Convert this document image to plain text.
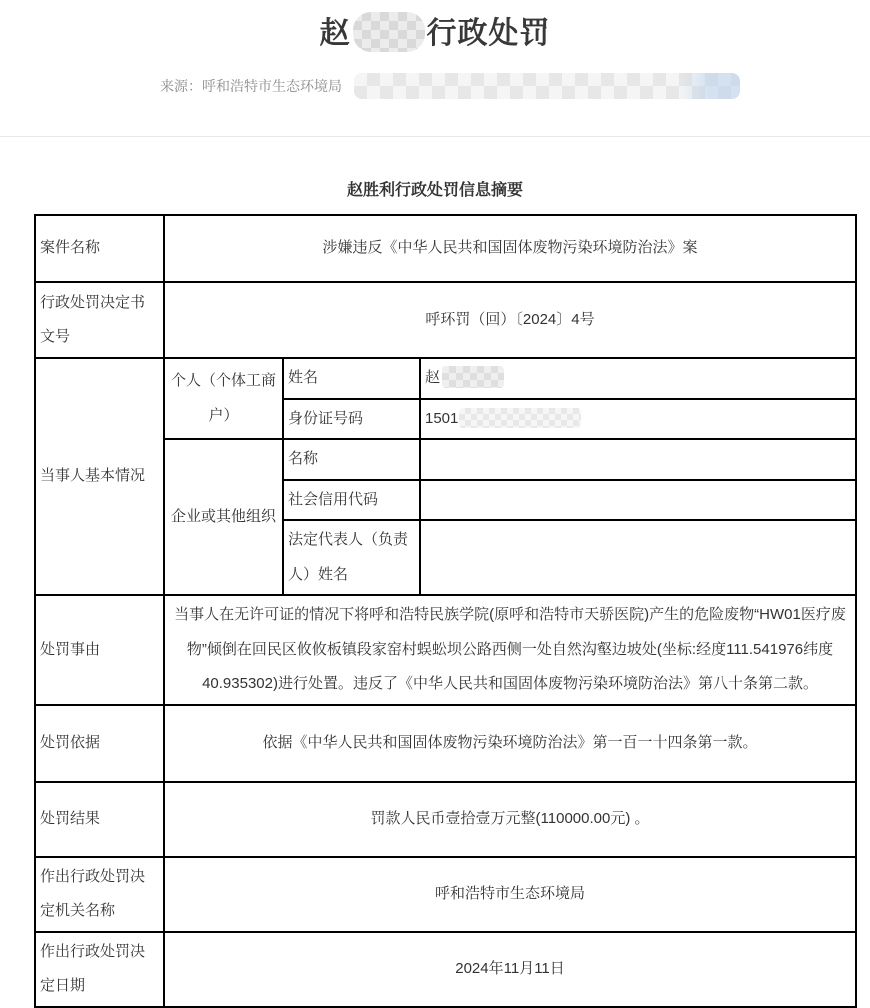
赵	行政处罚
来源：呼和浩特市生态环境局
赵胜利行政处罚信息摘要
案件名称	涉嫌违反《中华人民共和国固体废物污染环境防治法》案		
行政处罚决定书文号	呼环罚（回）〔2024〕4号		
当事人基本情况	个人（个体工商户）	姓名	赵
		身份证号码	1501
	企业或其他组织	名称	
		社会信用代码	
		法定代表人（负责人）姓名	
处罚事由	当事人在无许可证的情况下将呼和浩特民族学院(原呼和浩特市天骄医院)产生的危险废物“HW01医疗废物”倾倒在回民区攸攸板镇段家窑村蜈蚣坝公路西侧一处自然沟壑边坡处(坐标:经度111.541976纬度40.935302)进行处置。违反了《中华人民共和国固体废物污染环境防治法》第八十条第二款。		
处罚依据	依据《中华人民共和国固体废物污染环境防治法》第一百一十四条第一款。		
处罚结果	罚款人民币壹拾壹万元整(110000.00元) 。		
作出行政处罚决定机关名称	呼和浩特市生态环境局		
作出行政处罚决定日期	2024年11月11日		
